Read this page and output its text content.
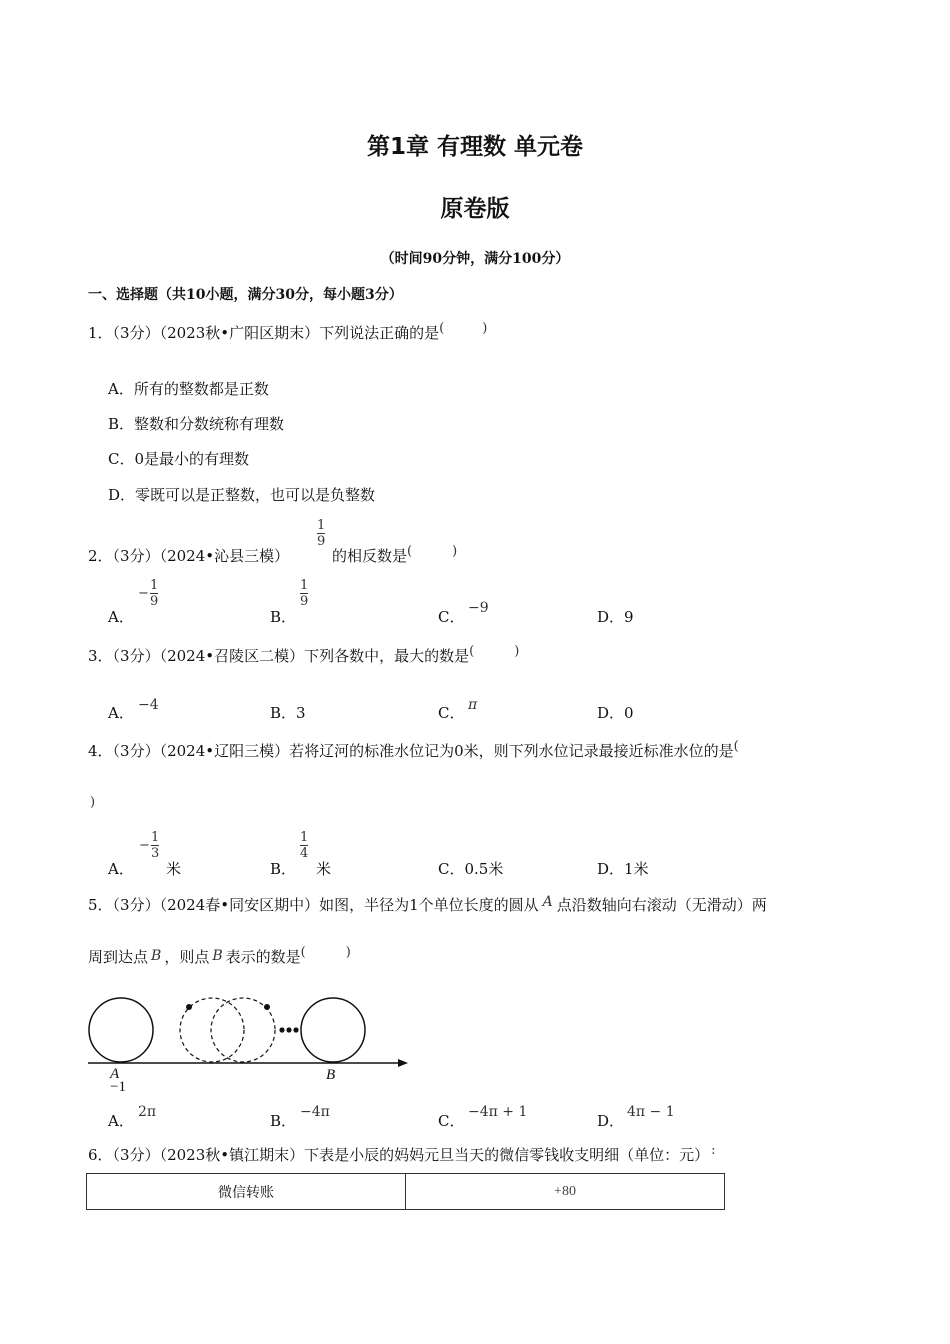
第1章 有理数 单元卷
原卷版
（时间90分钟，满分100分）
一、选择题（共10小题，满分30分，每小题3分）
1．（3分）（2023秋•广阳区期末）下列说法正确的是(	)
A．所有的整数都是正数
B．整数和分数统称有理数
C．0是最小的有理数
D．零既可以是正整数，也可以是负整数
2．（3分）（2024•沁县三模）
$\frac{1}{9}$
的相反数是(	)
A．
−
1
9
B．
$\frac{1}{9}$
C． −9	D．9
3．（3分）（2024•召陵区二模）下列各数中，最大的数是(	)
A． −4	B．3	C． π	D．0
4．（3分）（2024•辽阳三模）若将辽河的标准水位记为0米，则下列水位记录最接近标准水位的是(
)
A．
−
1
3
米	B．
$\frac{1}{4}$
米	C．0.5米	D．1米
5．（3分）（2024春•同安区期中）如图，半径为1个单位长度的圆从 A 点沿数轴向右滚动（无滑动）两
周到达点 B ，则点 B 表示的数是(	)
A
−1
B
A． 2π	B． −4π	C． −4π + 1	D． 4π − 1
6．（3分）（2023秋•镇江期末）下表是小辰的妈妈元旦当天的微信零钱收支明细（单位：元） :
微信转账	+80
